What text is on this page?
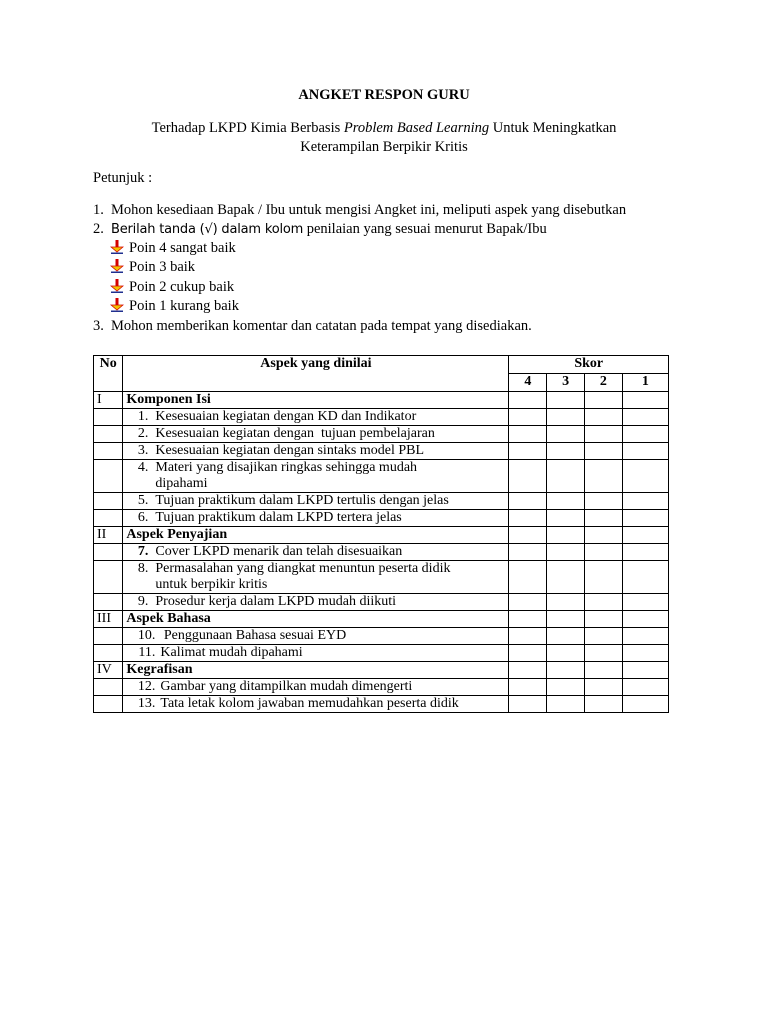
ANGKET RESPON GURU
Terhadap LKPD Kimia Berbasis Problem Based Learning Untuk Meningkatkan
Keterampilan Berpikir Kritis
Petunjuk :
1. Mohon kesediaan Bapak / Ibu untuk mengisi Angket ini, meliputi aspek yang disebutkan
2. Berilah tanda (√) dalam kolom penilaian yang sesuai menurut Bapak/Ibu
Poin 4 sangat baik
Poin 3 baik
Poin 2 cukup baik
Poin 1 kurang baik
3. Mohon memberikan komentar dan catatan pada tempat yang disediakan.
No	Aspek yang dinilai	Skor			
		4	3	2	1
I	Komponen Isi				
	1. Kesesuaian kegiatan dengan KD dan Indikator				
	2. Kesesuaian kegiatan dengan  tujuan pembelajaran				
	3. Kesesuaian kegiatan dengan sintaks model PBL				
	4. Materi yang disajikan ringkas sehingga mudah dipahami				
	5. Tujuan praktikum dalam LKPD tertulis dengan jelas				
	6. Tujuan praktikum dalam LKPD tertera jelas				
II	Aspek Penyajian				
	7. Cover LKPD menarik dan telah disesuaikan				
	8. Permasalahan yang diangkat menuntun peserta didik untuk berpikir kritis				
	9. Prosedur kerja dalam LKPD mudah diikuti				
III	Aspek Bahasa				
	10. Penggunaan Bahasa sesuai EYD				
	11. Kalimat mudah dipahami				
IV	Kegrafisan				
	12. Gambar yang ditampilkan mudah dimengerti				
	13. Tata letak kolom jawaban memudahkan peserta didik				
